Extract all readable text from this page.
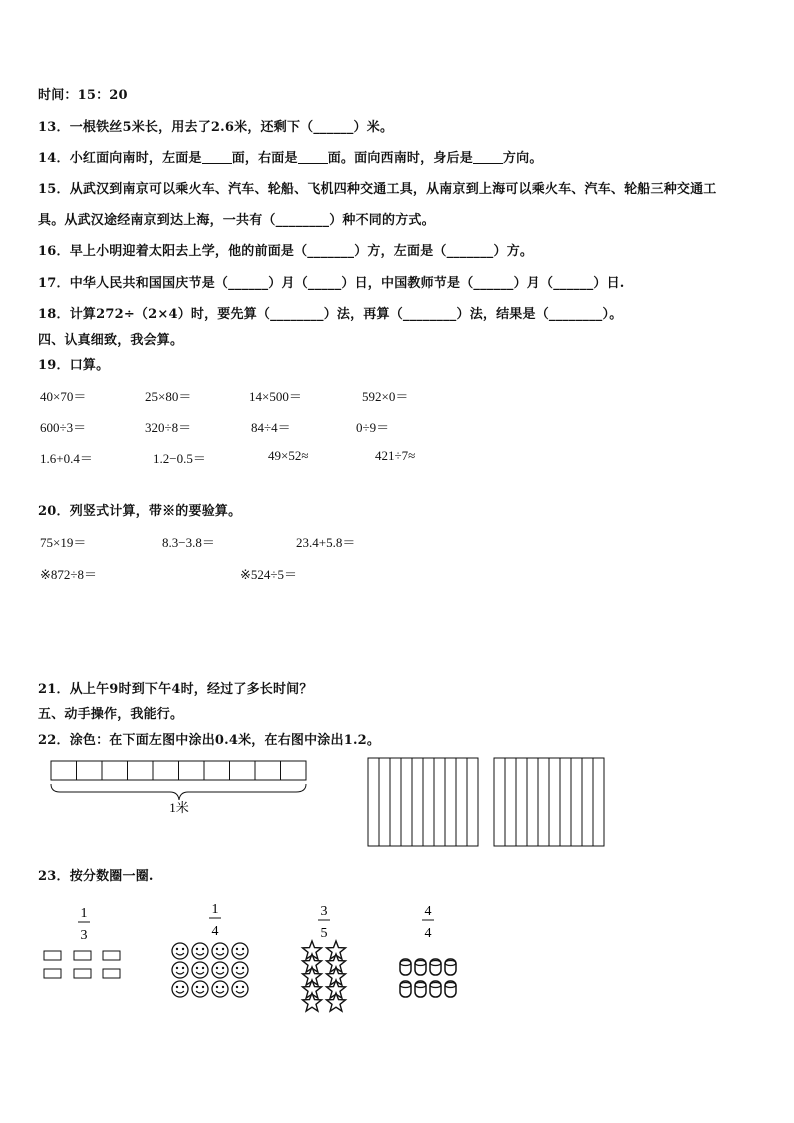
时间：15：20
13．一根铁丝5米长，用去了2.6米，还剩下（______）米。
14．小红面向南时，左面是 面，右面是 面。面向西南时，身后是 方向。
15．从武汉到南京可以乘火车、汽车、轮船、飞机四种交通工具，从南京到上海可以乘火车、汽车、轮船三种交通工
具。从武汉途经南京到达上海，一共有（________）种不同的方式。
16．早上小明迎着太阳去上学，他的前面是（_______）方，左面是（_______）方。
17．中华人民共和国国庆节是（______）月（_____）日，中国教师节是（______）月（______）日.
18．计算272÷（2×4）时，要先算（________）法，再算（________）法，结果是（________）。
四、认真细致，我会算。
19．口算。
40×70＝	25×80＝	14×500＝	592×0＝
600÷3＝	320÷8＝	84÷4＝	0÷9＝
1.6+0.4＝	1.2−0.5＝	49×52≈	421÷7≈
20．列竖式计算，带※的要验算。
75×19＝	8.3−3.8＝	23.4+5.8＝
※872÷8＝	※524÷5＝
21．从上午9时到下午4时，经过了多长时间？
五、动手操作，我能行。
22．涂色：在下面左图中涂出0.4米，在右图中涂出1.2。
1米
23．按分数圈一圈.
1
3
1
4
3
5
4
4
